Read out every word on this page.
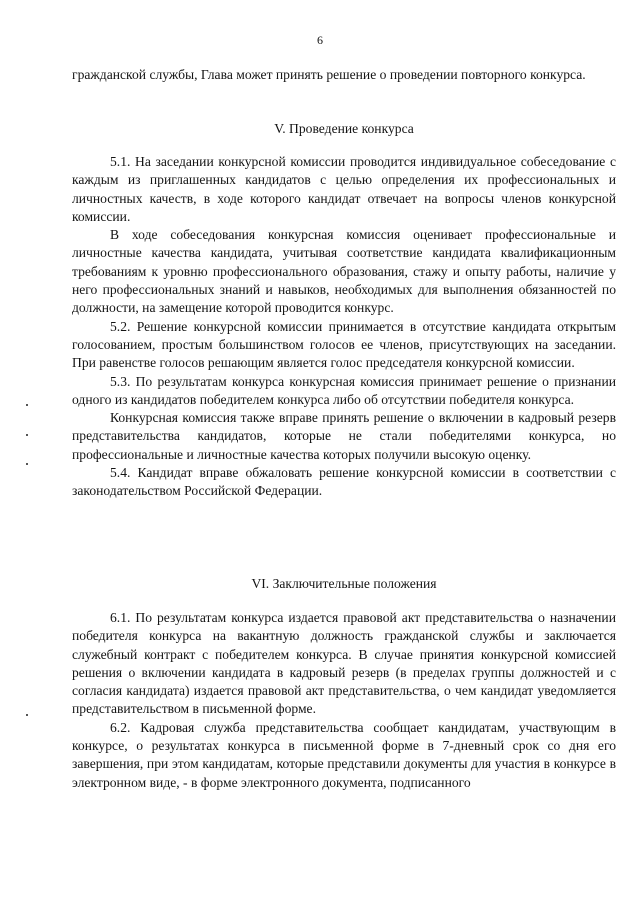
6

гражданской службы, Глава может принять решение о проведении повторного конкурса.

V. Проведение конкурса

5.1. На заседании конкурсной комиссии проводится индивидуальное собеседование с каждым из приглашенных кандидатов с целью определения их профессиональных и личностных качеств, в ходе которого кандидат отвечает на вопросы членов конкурсной комиссии.

В ходе собеседования конкурсная комиссия оценивает профессиональные и личностные качества кандидата, учитывая соответствие кандидата квалификационным требованиям к уровню профессионального образования, стажу и опыту работы, наличие у него профессиональных знаний и навыков, необходимых для выполнения обязанностей по должности, на замещение которой проводится конкурс.

5.2. Решение конкурсной комиссии принимается в отсутствие кандидата открытым голосованием, простым большинством голосов ее членов, присутствующих на заседании. При равенстве голосов решающим является голос председателя конкурсной комиссии.

5.3. По результатам конкурса конкурсная комиссия принимает решение о признании одного из кандидатов победителем конкурса либо об отсутствии победителя конкурса.

Конкурсная комиссия также вправе принять решение о включении в кадровый резерв представительства кандидатов, которые не стали победителями конкурса, но профессиональные и личностные качества которых получили высокую оценку.

5.4. Кандидат вправе обжаловать решение конкурсной комиссии в соответствии с законодательством Российской Федерации.

VI. Заключительные положения

6.1. По результатам конкурса издается правовой акт представительства о назначении победителя конкурса на вакантную должность гражданской службы и заключается служебный контракт с победителем конкурса. В случае принятия конкурсной комиссией решения о включении кандидата в кадровый резерв (в пределах группы должностей и с согласия кандидата) издается правовой акт представительства, о чем кандидат уведомляется представительством в письменной форме.

6.2. Кадровая служба представительства сообщает кандидатам, участвующим в конкурсе, о результатах конкурса в письменной форме в 7-дневный срок со дня его завершения, при этом кандидатам, которые представили документы для участия в конкурсе в электронном виде, - в форме электронного документа, подписанного
